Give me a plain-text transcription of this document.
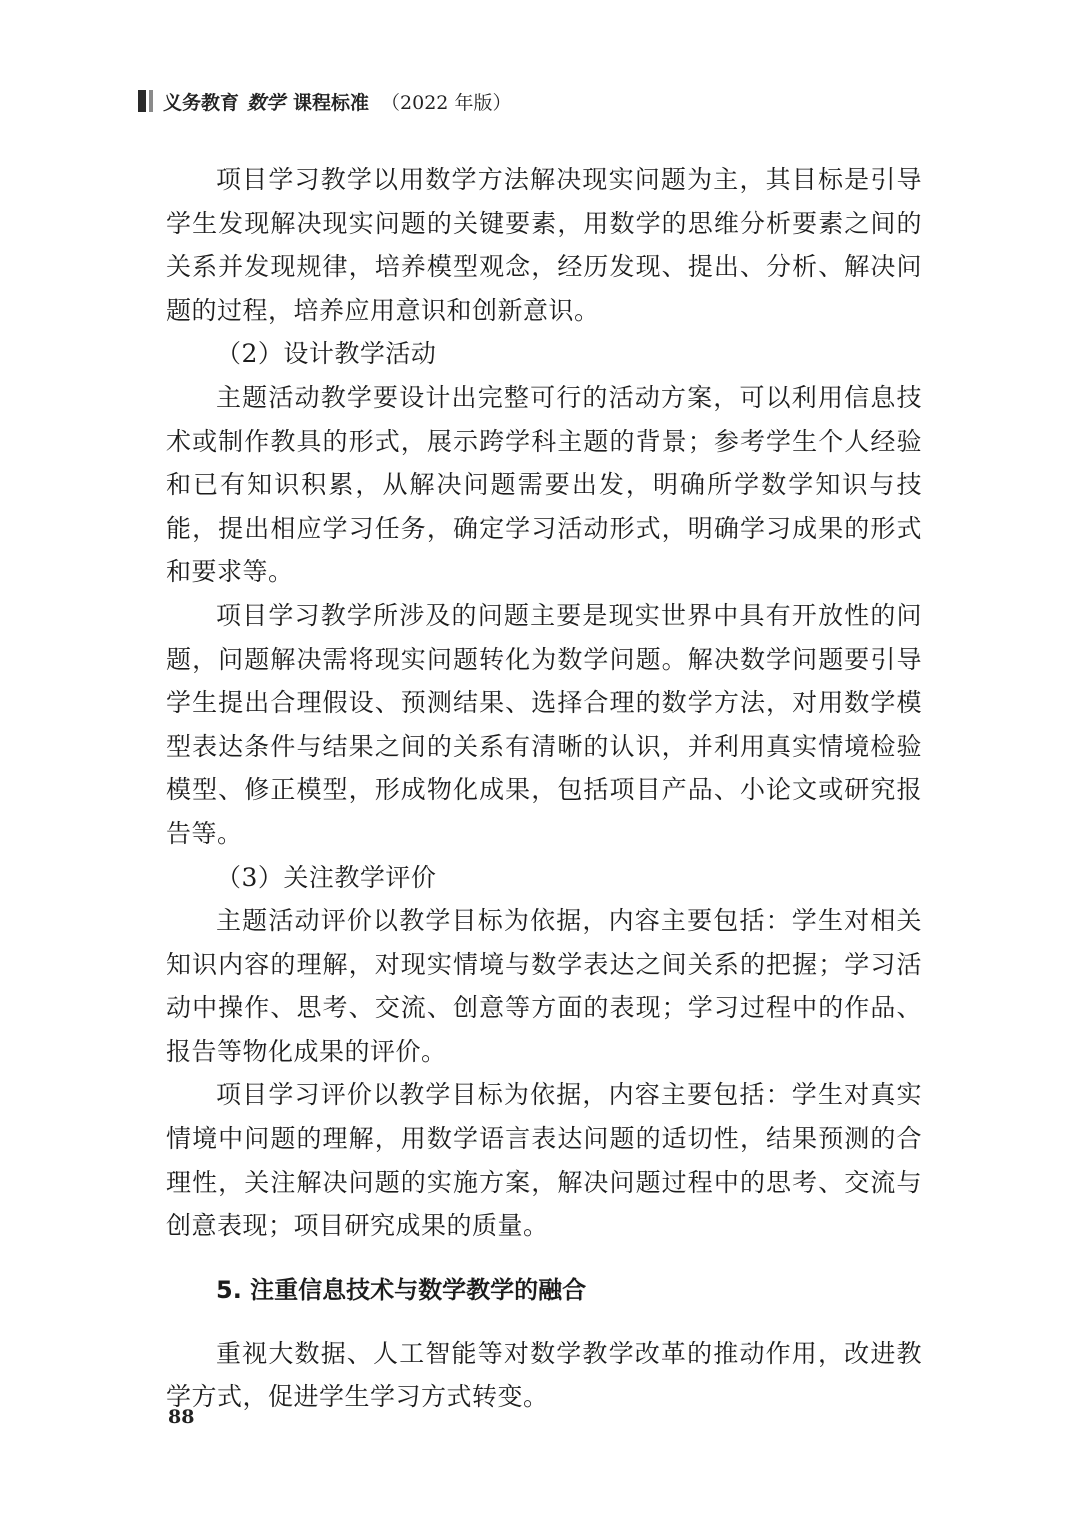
义务教育 数学 课程标准 （2022 年版）

项目学习教学以用数学方法解决现实问题为主，其目标是引导学生发现解决现实问题的关键要素，用数学的思维分析要素之间的关系并发现规律，培养模型观念，经历发现、提出、分析、解决问题的过程，培养应用意识和创新意识。

（2）设计教学活动

主题活动教学要设计出完整可行的活动方案，可以利用信息技术或制作教具的形式，展示跨学科主题的背景；参考学生个人经验和已有知识积累，从解决问题需要出发，明确所学数学知识与技能，提出相应学习任务，确定学习活动形式，明确学习成果的形式和要求等。

项目学习教学所涉及的问题主要是现实世界中具有开放性的问题，问题解决需将现实问题转化为数学问题。解决数学问题要引导学生提出合理假设、预测结果、选择合理的数学方法，对用数学模型表达条件与结果之间的关系有清晰的认识，并利用真实情境检验模型、修正模型，形成物化成果，包括项目产品、小论文或研究报告等。

（3）关注教学评价

主题活动评价以教学目标为依据，内容主要包括：学生对相关知识内容的理解，对现实情境与数学表达之间关系的把握；学习活动中操作、思考、交流、创意等方面的表现；学习过程中的作品、报告等物化成果的评价。

项目学习评价以教学目标为依据，内容主要包括：学生对真实情境中问题的理解，用数学语言表达问题的适切性，结果预测的合理性，关注解决问题的实施方案，解决问题过程中的思考、交流与创意表现；项目研究成果的质量。

5. 注重信息技术与数学教学的融合

重视大数据、人工智能等对数学教学改革的推动作用，改进教学方式，促进学生学习方式转变。

88
